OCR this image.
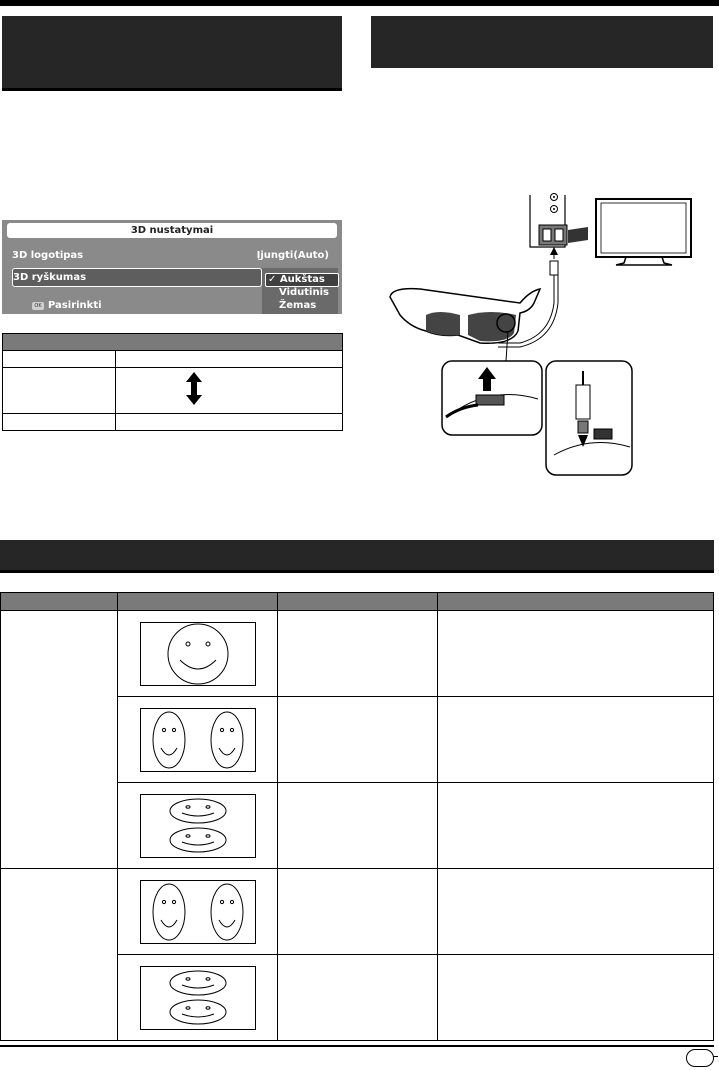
3D nustatymai
3D logotipas	Įjungti(Auto)
3D ryškumas	✓ Aukštas
Vidutinis
Žemas
OK Pasirinkti
